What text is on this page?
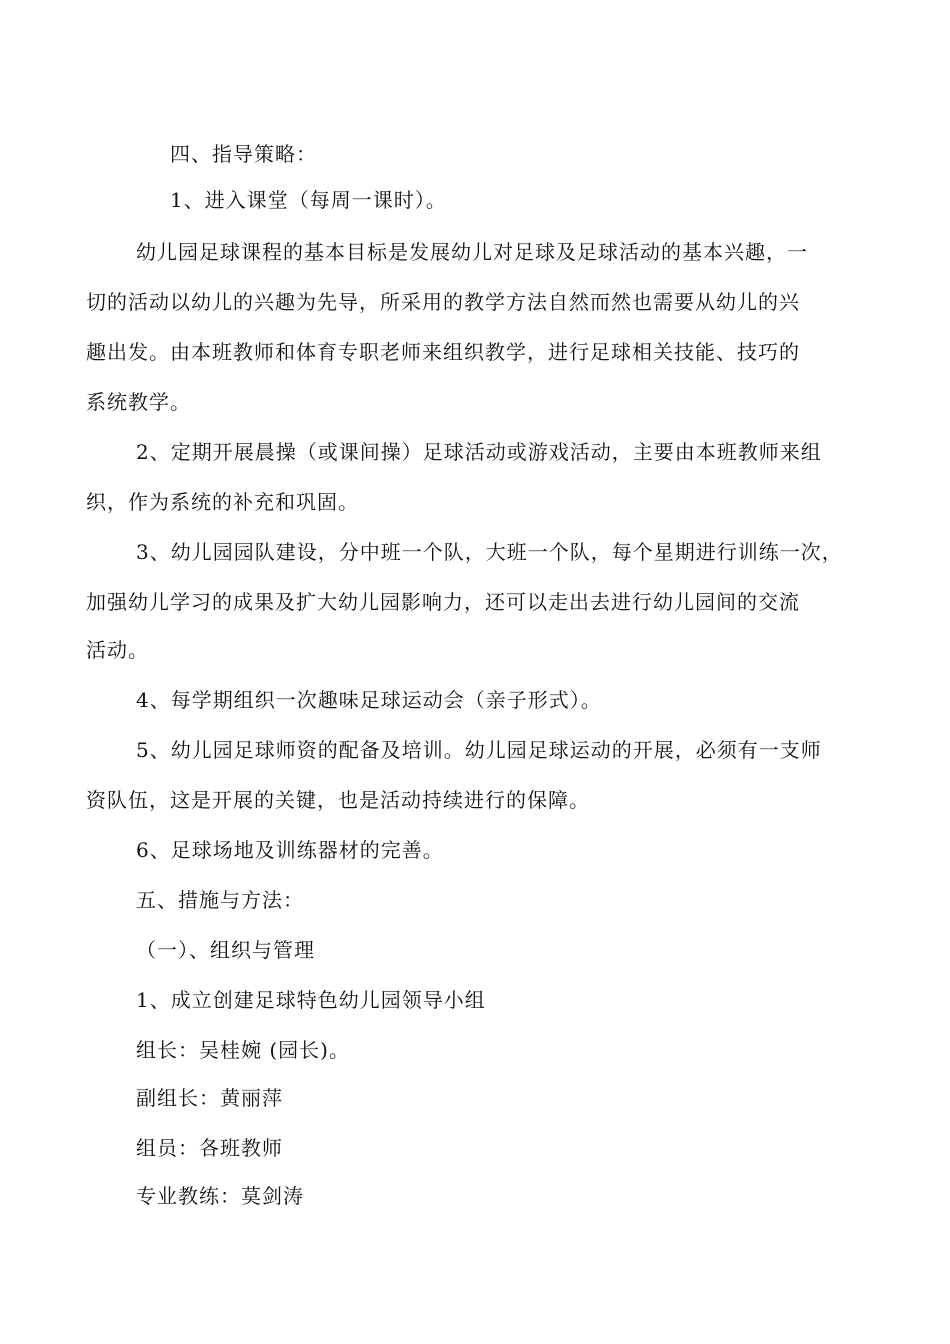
四、指导策略：
1、进入课堂（每周一课时）。
幼儿园足球课程的基本目标是发展幼儿对足球及足球活动的基本兴趣，一
切的活动以幼儿的兴趣为先导，所采用的教学方法自然而然也需要从幼儿的兴
趣出发。由本班教师和体育专职老师来组织教学，进行足球相关技能、技巧的
系统教学。
2、定期开展晨操（或课间操）足球活动或游戏活动，主要由本班教师来组
织，作为系统的补充和巩固。
3、幼儿园园队建设，分中班一个队，大班一个队，每个星期进行训练一次，
加强幼儿学习的成果及扩大幼儿园影响力，还可以走出去进行幼儿园间的交流
活动。
4、每学期组织一次趣味足球运动会（亲子形式）。
5、幼儿园足球师资的配备及培训。幼儿园足球运动的开展，必须有一支师
资队伍，这是开展的关键，也是活动持续进行的保障。
6、足球场地及训练器材的完善。
五、措施与方法：
（一）、组织与管理
1、成立创建足球特色幼儿园领导小组
组长：吴桂婉 (园长)。
副组长：黄丽萍
组员：各班教师
专业教练：莫剑涛
